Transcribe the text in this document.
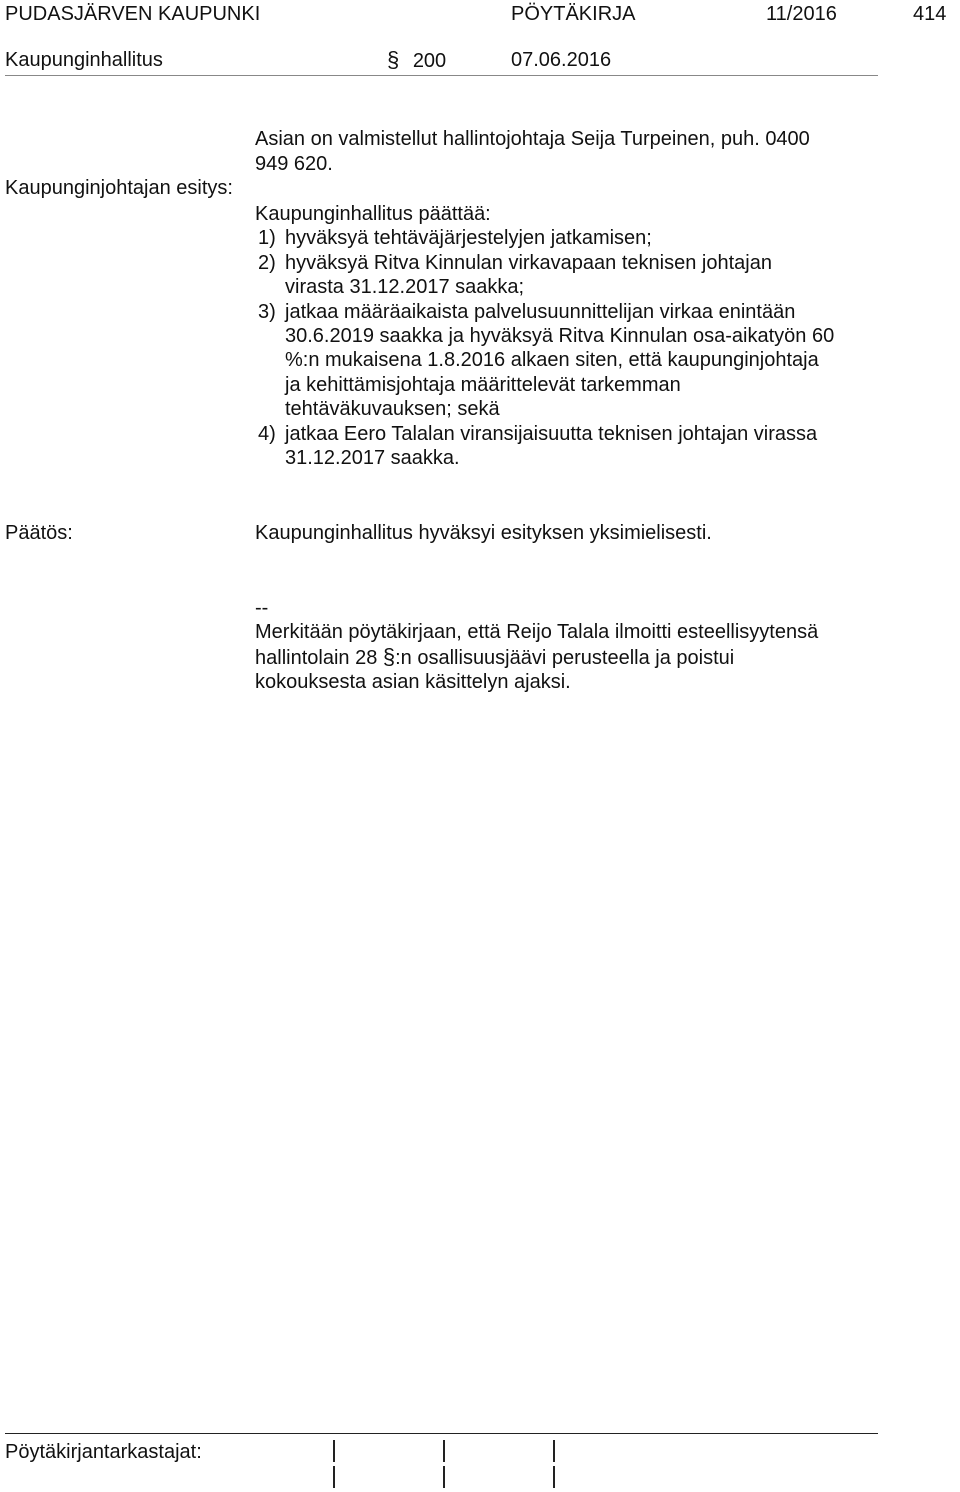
PUDASJÄRVEN KAUPUNKI	PÖYTÄKIRJA	11/2016	414
Kaupunginhallitus	§ 200	07.06.2016
Asian on valmistellut hallintojohtaja Seija Turpeinen, puh. 0400
949 620.
Kaupunginjohtajan esitys:
Kaupunginhallitus päättää:
1) hyväksyä tehtäväjärjestelyjen jatkamisen;
2) hyväksyä Ritva Kinnulan virkavapaan teknisen johtajan
virasta 31.12.2017 saakka;
3) jatkaa määräaikaista palvelusuunnittelijan virkaa enintään
30.6.2019 saakka ja hyväksyä Ritva Kinnulan osa-aikatyön 60
%:n mukaisena 1.8.2016 alkaen siten, että kaupunginjohtaja
ja kehittämisjohtaja määrittelevät tarkemman
tehtäväkuvauksen; sekä
4) jatkaa Eero Talalan viransijaisuutta teknisen johtajan virassa
31.12.2017 saakka.
Päätös:	Kaupunginhallitus hyväksyi esityksen yksimielisesti.
--
Merkitään pöytäkirjaan, että Reijo Talala ilmoitti esteellisyytensä
hallintolain 28 §:n osallisuusjäävi perusteella ja poistui
kokouksesta asian käsittelyn ajaksi.
Pöytäkirjantarkastajat:
